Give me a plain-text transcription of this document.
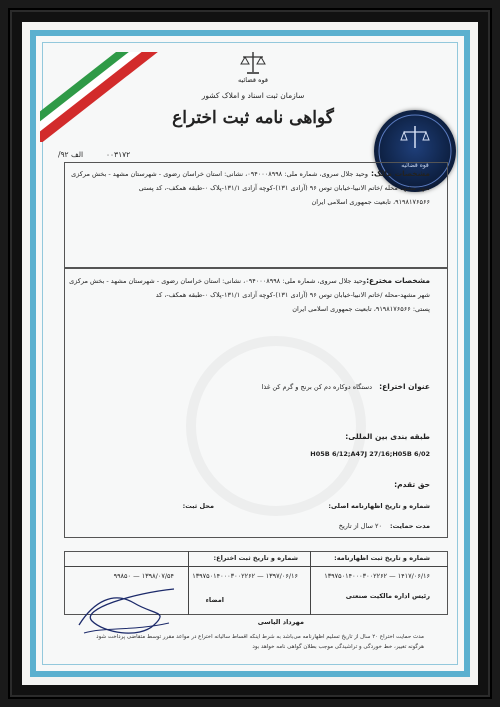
قوه قضائیه
سازمان ثبت اسناد و املاک کشور
گواهی نامه ثبت اختراع
۰۰۳۱۷۲
الف ۹۲/
قوه قضائیه
مشخصات مالک:
وحید جلال سروی، شماره ملی: ۰۹۴۰۰۰۸۹۹۸، نشانی: استان خراسان رضوی - شهرستان مشهد - بخش مرکزی
شهر مشهد-محله /خاتم الانبیا-خیابان توس ۹۶ (آزادی ۱۳۱)-کوچه آزادی ۱۳۱/۱-پلاک ۰-طبقه همکف-، کد پستی
۹۱۹۸۱۷۶۵۶۶، تابعیت جمهوری اسلامی ایران
مشخصات مخترع:
وحید جلال سروی، شماره ملی: ۰۹۴۰۰۰۸۹۹۸، نشانی: استان خراسان رضوی - شهرستان مشهد - بخش مرکزی
شهر مشهد-محله /خاتم الانبیا-خیابان توس ۹۶ (آزادی ۱۳۱)-کوچه آزادی ۱۳۱/۱-پلاک ۰-طبقه همکف-، کد
پستی: ۹۱۹۸۱۷۶۵۶۶، تابعیت جمهوری اسلامی ایران
عنوان اختراع:
دستگاه دوکاره دم کن برنج و گرم کن غذا
طبقه بندی بین المللی:
H05B 6/12;A47J 27/16;H05B 6/02
حق تقدم:
شماره و تاریخ اظهارنامه اصلی:
محل ثبت:
مدت حمایت:
۲۰ سال از تاریخ
شماره و تاریخ ثبت اظهارنامه:
۱۴۱۷/۰۶/۱۶ — ۱۳۹۷۵۰۱۴۰۰۰۳۰۰۲۲۶۲
شماره و تاریخ ثبت اختراع:
۱۳۹۷/۰۶/۱۶ — ۱۳۹۷۵۰۱۴۰۰۰۳۰۰۲۲۶۲
۱۳۹۸/۰۷/۵۴ — ۹۹۸۵۰
امضاء	رئیس اداره مالکیت صنعتی
مهرداد الیاسی
مدت حمایت اختراع ۲۰ سال از تاریخ تسلیم اظهارنامه می‌باشد به شرط اینکه اقساط سالیانه اختراع در مواعد مقرر توسط متقاضی پرداخت شود
هرگونه تغییر، خط خوردگی و تراشیدگی موجب بطلان گواهی نامه خواهد بود
